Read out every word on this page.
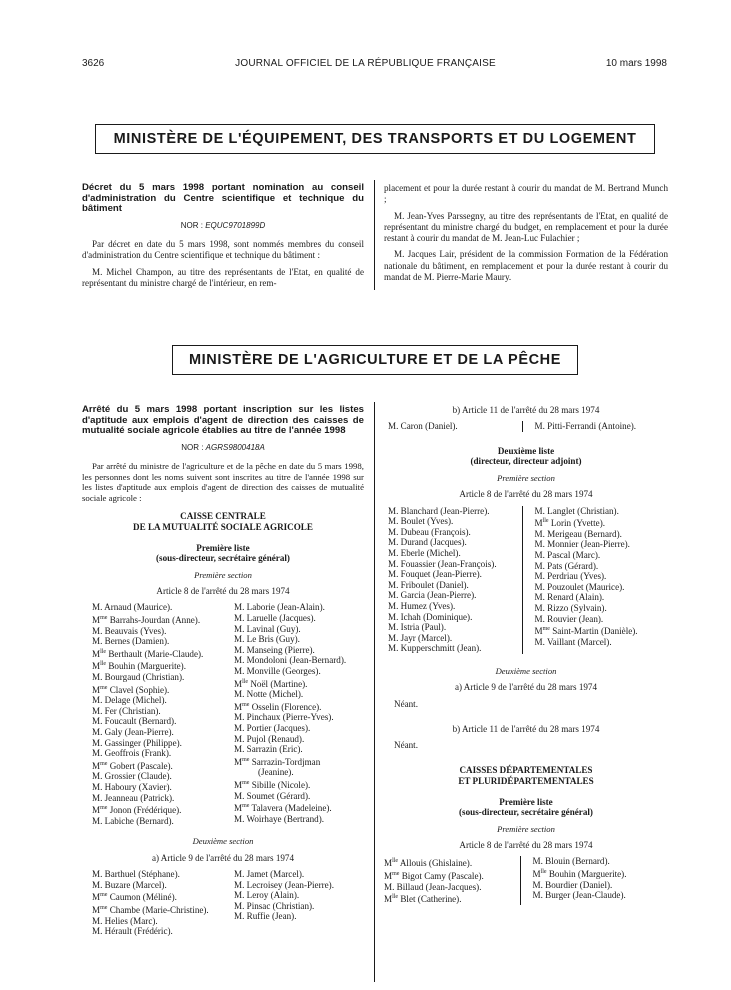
3626	JOURNAL OFFICIEL DE LA RÉPUBLIQUE FRANÇAISE	10 mars 1998
MINISTÈRE DE L'ÉQUIPEMENT, DES TRANSPORTS ET DU LOGEMENT

Décret du 5 mars 1998 portant nomination au conseil d'administration du Centre scientifique et technique du bâtiment

NOR : EQUC9701899D

Par décret en date du 5 mars 1998, sont nommés membres du conseil d'administration du Centre scientifique et technique du bâtiment :

M. Michel Champon, au titre des représentants de l'Etat, en qualité de représentant du ministre chargé de l'intérieur, en rem-

placement et pour la durée restant à courir du mandat de M. Bertrand Munch ;

M. Jean-Yves Parssegny, au titre des représentants de l'Etat, en qualité de représentant du ministre chargé du budget, en remplacement et pour la durée restant à courir du mandat de M. Jean-Luc Fulachier ;

M. Jacques Lair, président de la commission Formation de la Fédération nationale du bâtiment, en remplacement et pour la durée restant à courir du mandat de M. Pierre-Marie Maury.

MINISTÈRE DE L'AGRICULTURE ET DE LA PÊCHE

Arrêté du 5 mars 1998 portant inscription sur les listes d'aptitude aux emplois d'agent de direction des caisses de mutualité sociale agricole établies au titre de l'année 1998

NOR : AGRS9800418A

Par arrêté du ministre de l'agriculture et de la pêche en date du 5 mars 1998, les personnes dont les noms suivent sont inscrites au titre de l'année 1998 sur les listes d'aptitude aux emplois d'agent de direction des caisses de mutualité sociale agricole :

CAISSE CENTRALE
DE LA MUTUALITÉ SOCIALE AGRICOLE
Première liste
(sous-directeur, secrétaire général)
Première section
Article 8 de l'arrêté du 28 mars 1974
M. Arnaud (Maurice).
$M^{me}$ Barrahs-Jourdan (Anne).
M. Beauvais (Yves).
M. Bernes (Damien).
$M^{lle}$ Berthault (Marie-Claude).
$M^{lle}$ Bouhin (Marguerite).
M. Bourgaud (Christian).
$M^{me}$ Clavel (Sophie).
M. Delage (Michel).
M. Fer (Christian).
M. Foucault (Bernard).
M. Galy (Jean-Pierre).
M. Gassinger (Philippe).
M. Geoffrois (Frank).
$M^{me}$ Gobert (Pascale).
M. Grossier (Claude).
M. Haboury (Xavier).
M. Jeanneau (Patrick).
$M^{me}$ Jonon (Frédérique).
M. Labiche (Bernard).
M. Laborie (Jean-Alain).
M. Laruelle (Jacques).
M. Lavinal (Guy).
M. Le Bris (Guy).
M. Manseing (Pierre).
M. Mondoloni (Jean-Bernard).
M. Monville (Georges).
$M^{lle}$ Noël (Martine).
M. Notte (Michel).
$M^{me}$ Osselin (Florence).
M. Pinchaux (Pierre-Yves).
M. Portier (Jacques).
M. Pujol (Renaud).
M. Sarrazin (Eric).
$M^{me}$ Sarrazin-Tordjman
(Jeanine).
$M^{me}$ Sibille (Nicole).
M. Soumet (Gérard).
$M^{me}$ Talavera (Madeleine).
M. Woirhaye (Bertrand).
Deuxième section
a) Article 9 de l'arrêté du 28 mars 1974
M. Barthuel (Stéphane).
M. Buzare (Marcel).
$M^{me}$ Caumon (Méliné).
$M^{me}$ Chambe (Marie-Christine).
M. Helies (Marc).
M. Hérault (Frédéric).
M. Jamet (Marcel).
M. Lecroisey (Jean-Pierre).
M. Leroy (Alain).
M. Pinsac (Christian).
M. Ruffie (Jean).
b) Article 11 de l'arrêté du 28 mars 1974
M. Caron (Daniel).	M. Pitti-Ferrandi (Antoine).
Deuxième liste
(directeur, directeur adjoint)
Première section
Article 8 de l'arrêté du 28 mars 1974
M. Blanchard (Jean-Pierre).
M. Boulet (Yves).
M. Dubeau (François).
M. Durand (Jacques).
M. Eberle (Michel).
M. Fouassier (Jean-François).
M. Fouquet (Jean-Pierre).
M. Friboulet (Daniel).
M. Garcia (Jean-Pierre).
M. Humez (Yves).
M. Ichah (Dominique).
M. Istria (Paul).
M. Jayr (Marcel).
M. Kupperschmitt (Jean).
M. Langlet (Christian).
$M^{lle}$ Lorin (Yvette).
M. Merigeau (Bernard).
M. Monnier (Jean-Pierre).
M. Pascal (Marc).
M. Pats (Gérard).
M. Perdriau (Yves).
M. Pouzoulet (Maurice).
M. Renard (Alain).
M. Rizzo (Sylvain).
M. Rouvier (Jean).
$M^{me}$ Saint-Martin (Danièle).
M. Vaillant (Marcel).
Deuxième section
a) Article 9 de l'arrêté du 28 mars 1974
Néant.
b) Article 11 de l'arrêté du 28 mars 1974
Néant.
CAISSES DÉPARTEMENTALES
ET PLURIDÉPARTEMENTALES
Première liste
(sous-directeur, secrétaire général)
Première section
Article 8 de l'arrêté du 28 mars 1974
$M^{lle}$ Allouis (Ghislaine).
$M^{me}$ Bigot Camy (Pascale).
M. Billaud (Jean-Jacques).
$M^{lle}$ Blet (Catherine).
M. Blouin (Bernard).
$M^{lle}$ Bouhin (Marguerite).
M. Bourdier (Daniel).
M. Burger (Jean-Claude).
